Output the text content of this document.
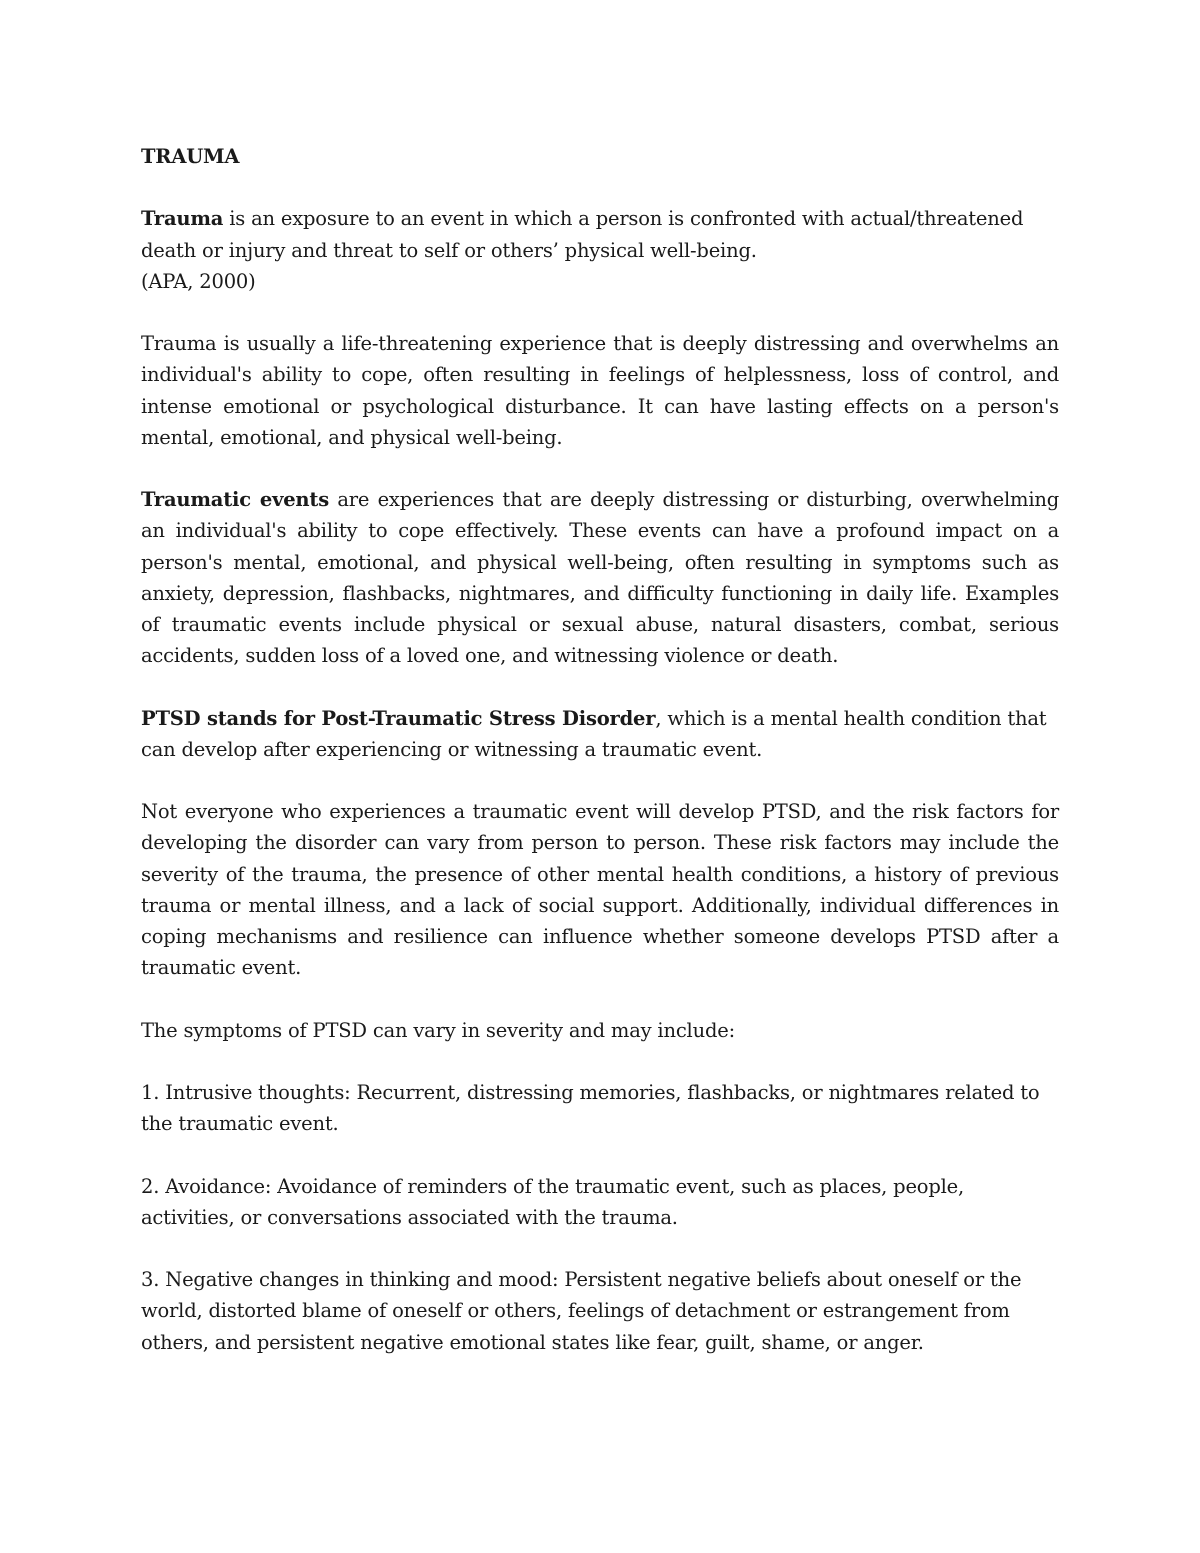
TRAUMA
Trauma is an exposure to an event in which a person is confronted with actual/threatened death or injury and threat to self or others’ physical well-being.
(APA, 2000)
Trauma is usually a life-threatening experience that is deeply distressing and overwhelms an individual's ability to cope, often resulting in feelings of helplessness, loss of control, and intense emotional or psychological disturbance. It can have lasting effects on a person's mental, emotional, and physical well-being.
Traumatic events are experiences that are deeply distressing or disturbing, overwhelming an individual's ability to cope effectively. These events can have a profound impact on a person's mental, emotional, and physical well-being, often resulting in symptoms such as anxiety, depression, flashbacks, nightmares, and difficulty functioning in daily life. Examples of traumatic events include physical or sexual abuse, natural disasters, combat, serious accidents, sudden loss of a loved one, and witnessing violence or death.
PTSD stands for Post-Traumatic Stress Disorder, which is a mental health condition that can develop after experiencing or witnessing a traumatic event.
Not everyone who experiences a traumatic event will develop PTSD, and the risk factors for developing the disorder can vary from person to person. These risk factors may include the severity of the trauma, the presence of other mental health conditions, a history of previous trauma or mental illness, and a lack of social support. Additionally, individual differences in coping mechanisms and resilience can influence whether someone develops PTSD after a traumatic event.
The symptoms of PTSD can vary in severity and may include:
1. Intrusive thoughts: Recurrent, distressing memories, flashbacks, or nightmares related to the traumatic event.
2. Avoidance: Avoidance of reminders of the traumatic event, such as places, people, activities, or conversations associated with the trauma.
3. Negative changes in thinking and mood: Persistent negative beliefs about oneself or the world, distorted blame of oneself or others, feelings of detachment or estrangement from others, and persistent negative emotional states like fear, guilt, shame, or anger.
